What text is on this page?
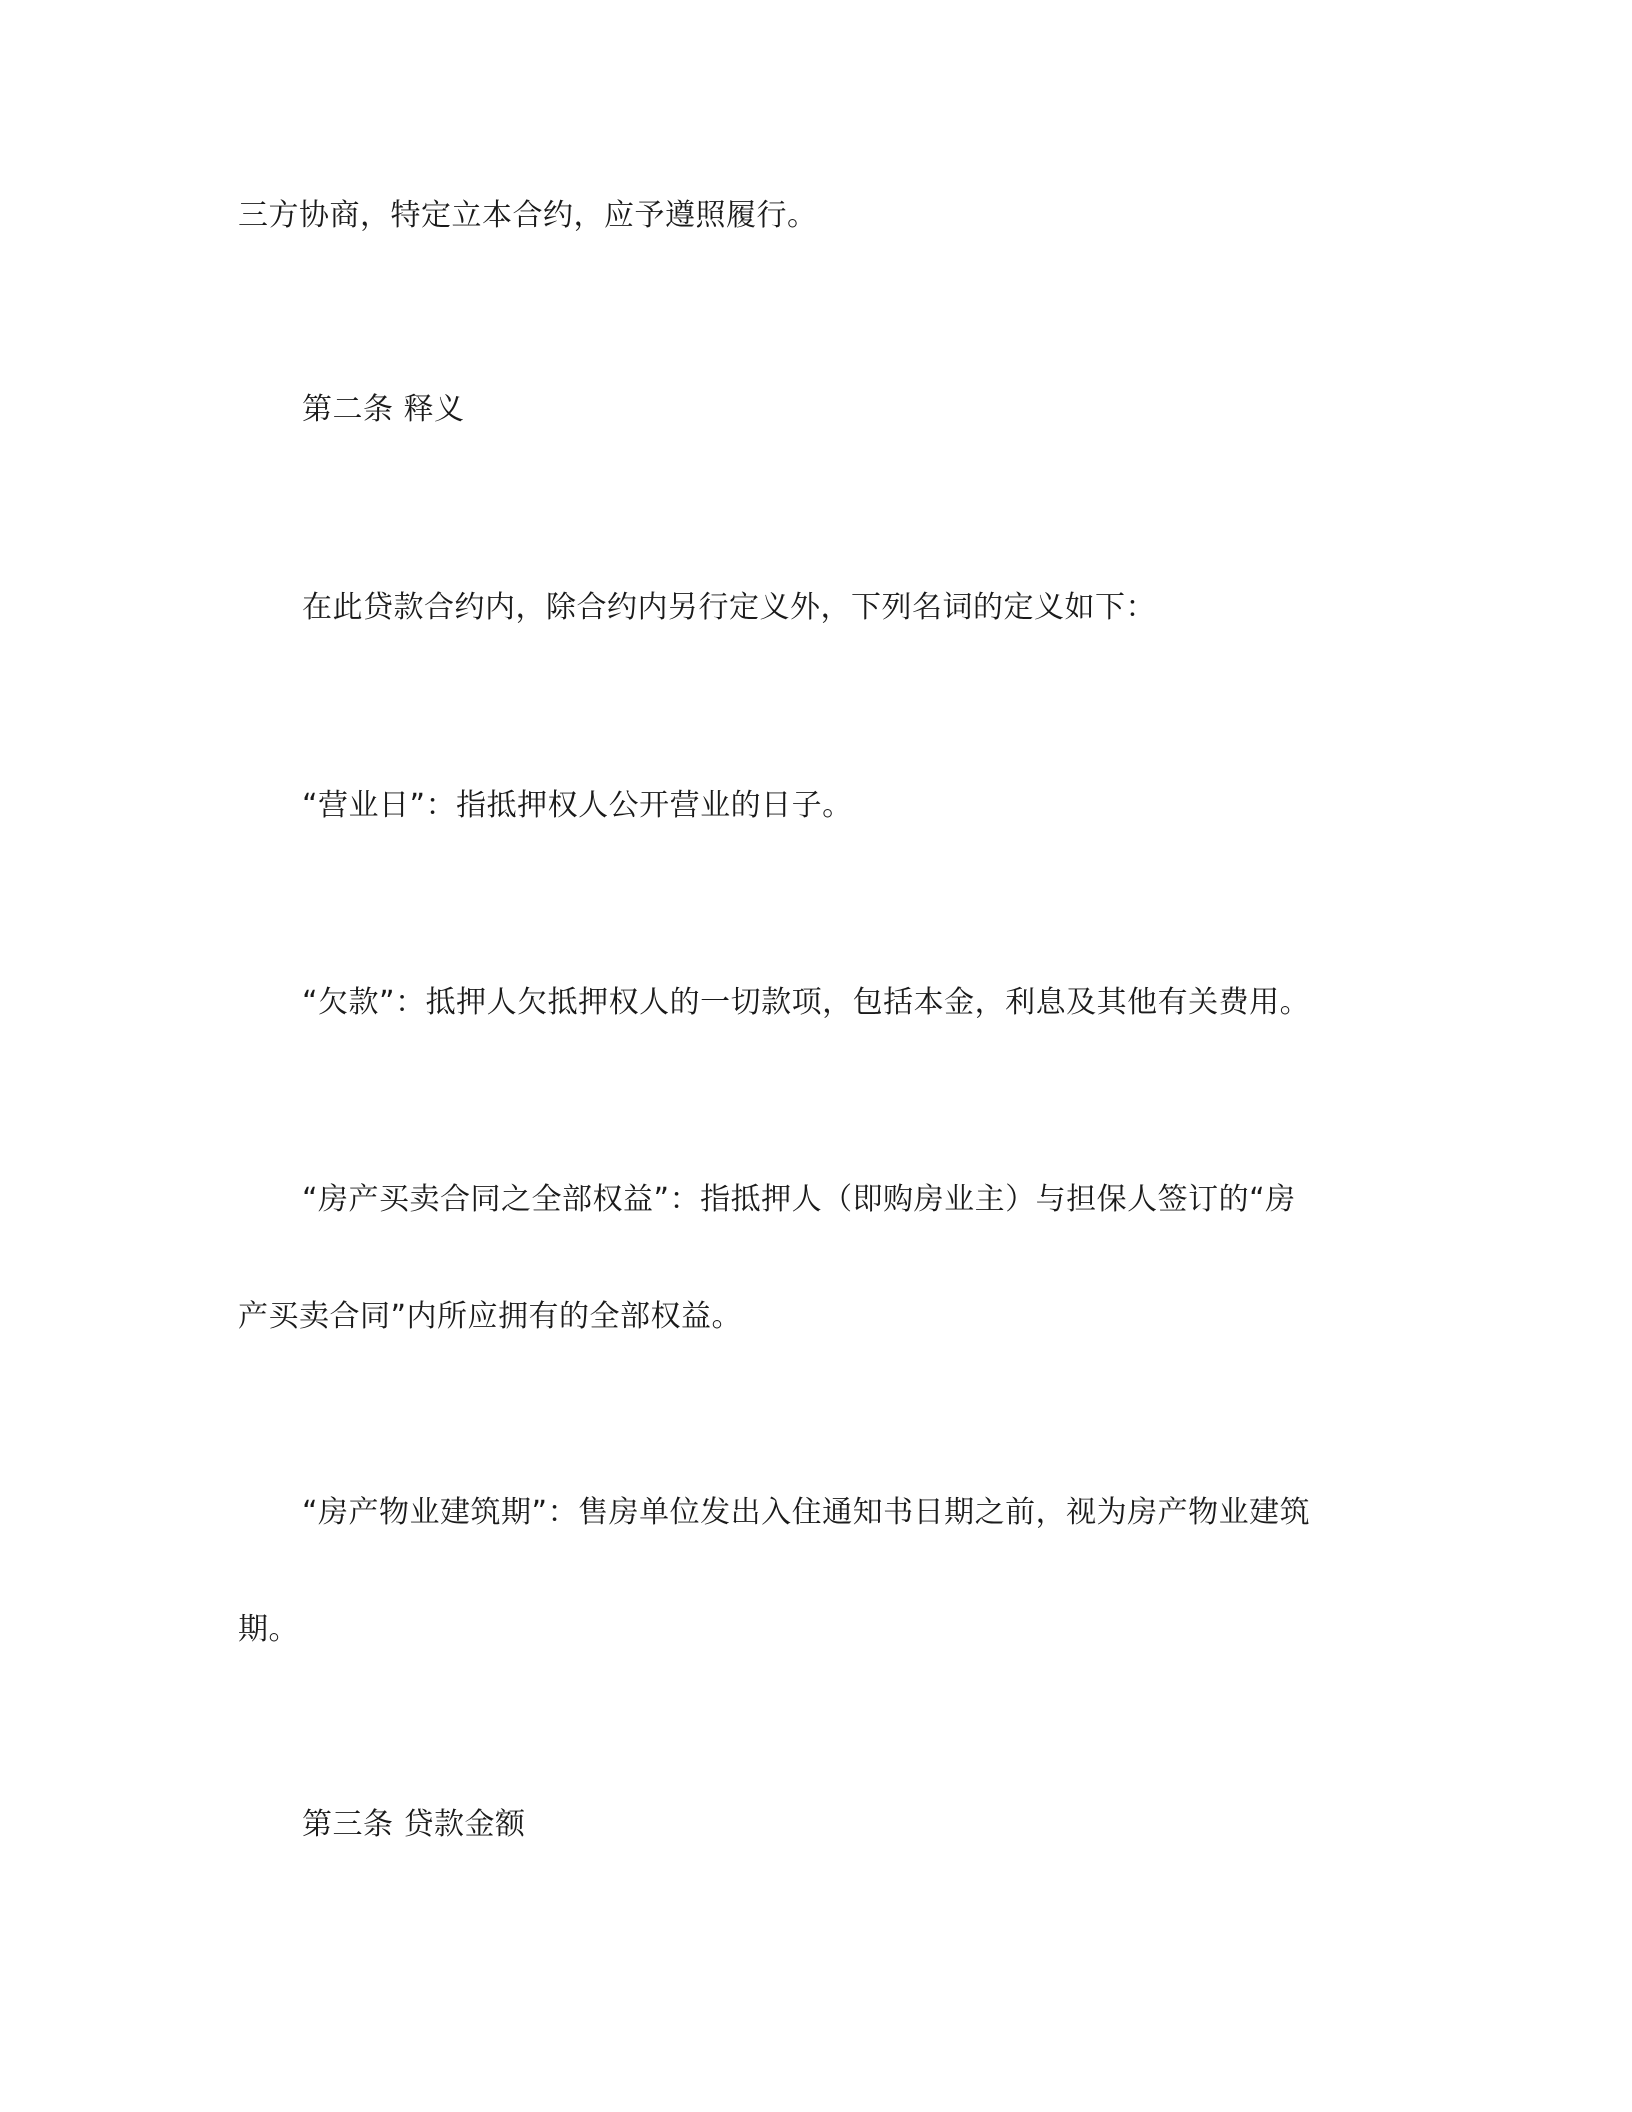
三方协商，特定立本合约，应予遵照履行。

第二条 释义

在此贷款合约内，除合约内另行定义外，下列名词的定义如下：

“营业日”：指抵押权人公开营业的日子。

“欠款”：抵押人欠抵押权人的一切款项，包括本金，利息及其他有关费用。

“房产买卖合同之全部权益”：指抵押人（即购房业主）与担保人签订的“房

产买卖合同”内所应拥有的全部权益。

“房产物业建筑期”：售房单位发出入住通知书日期之前，视为房产物业建筑

期。

第三条 贷款金额
